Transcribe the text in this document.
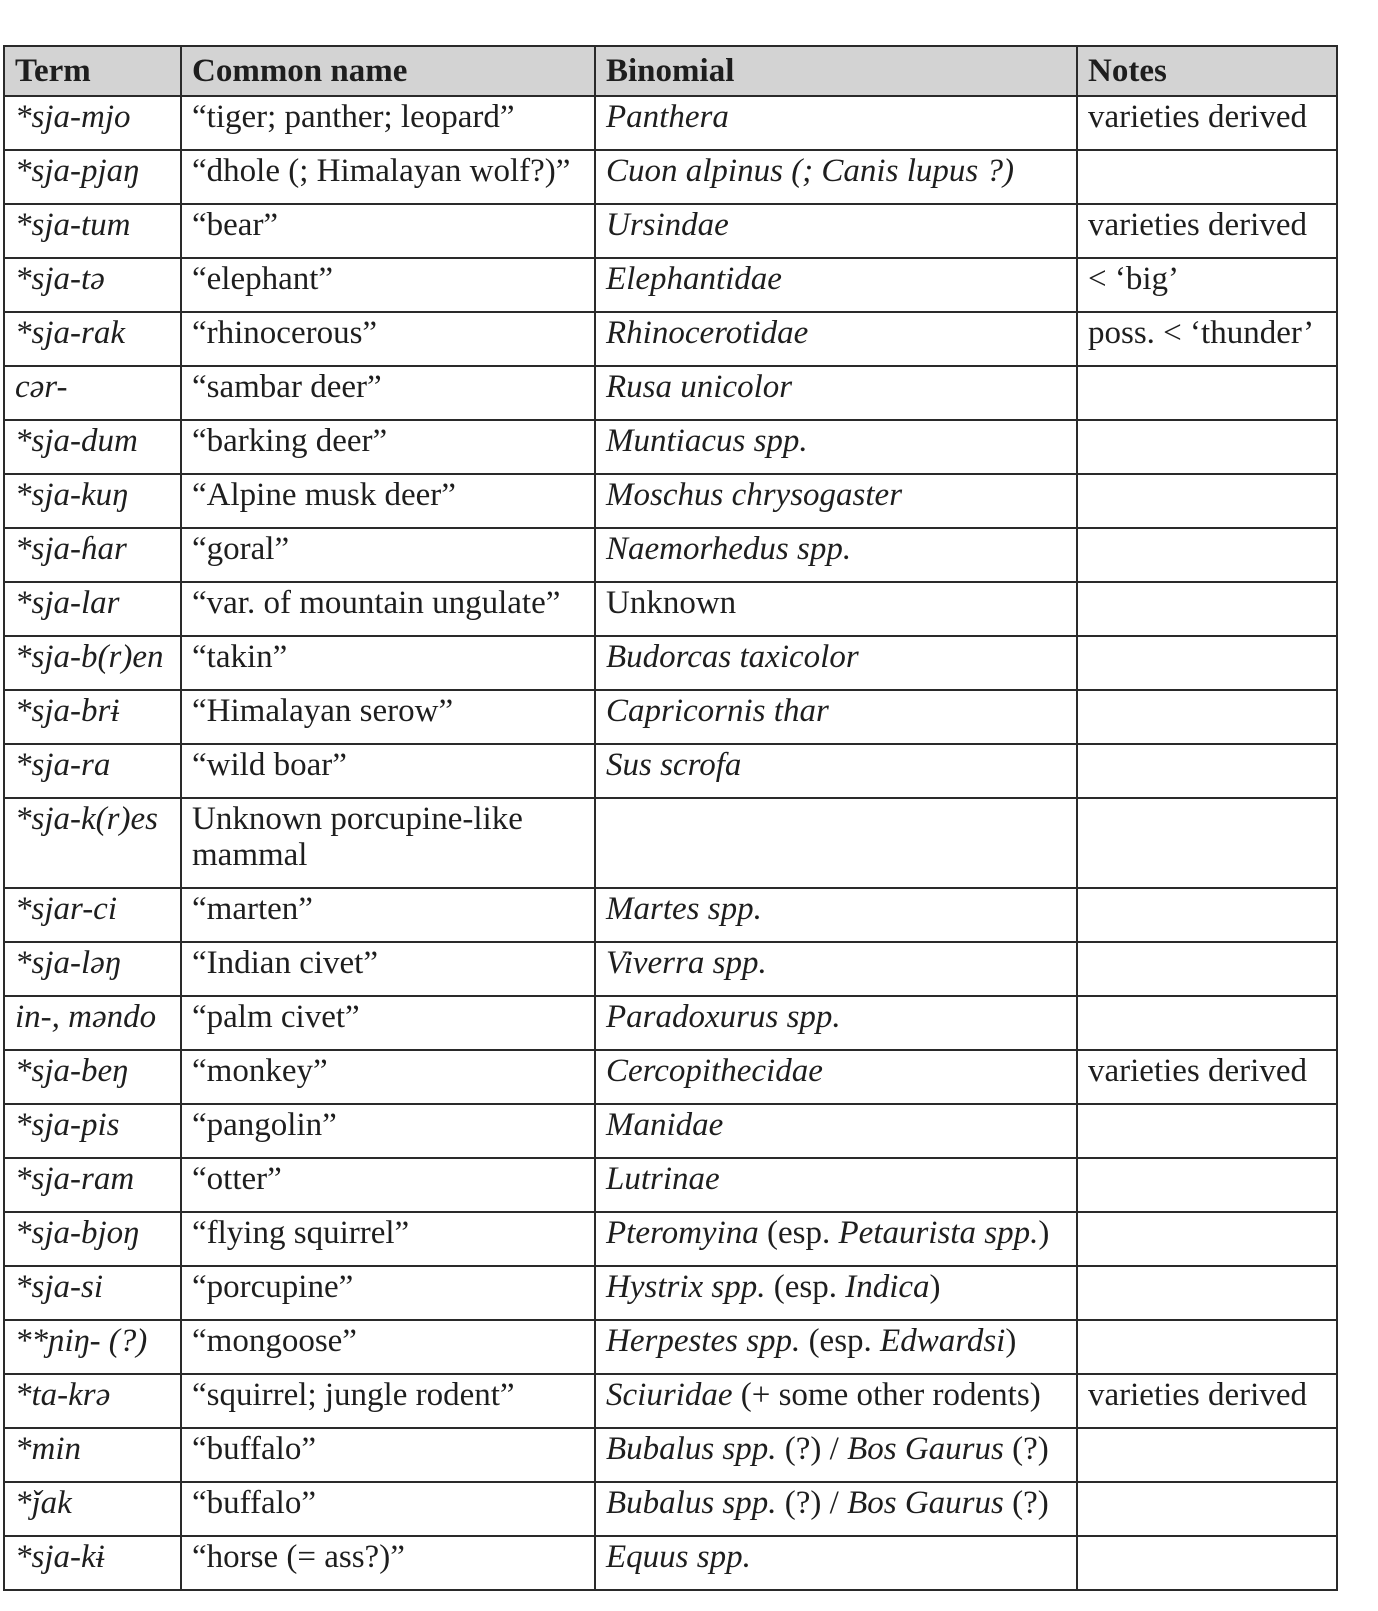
Term	Common name	Binomial	Notes
*sja-mjo	“tiger; panther; leopard”	Panthera	varieties derived
*sja-pjaŋ	“dhole (; Himalayan wolf?)”	Cuon alpinus (; Canis lupus ?)	
*sja-tum	“bear”	Ursindae	varieties derived
*sja-tə	“elephant”	Elephantidae	< ‘big’
*sja-rak	“rhinocerous”	Rhinocerotidae	poss. < ‘thunder’
cər-	“sambar deer”	Rusa unicolor	
*sja-dum	“barking deer”	Muntiacus spp.	
*sja-kuŋ	“Alpine musk deer”	Moschus chrysogaster	
*sja-ɦar	“goral”	Naemorhedus spp.	
*sja-lar	“var. of mountain ungulate”	Unknown	
*sja-b(r)en	“takin”	Budorcas taxicolor	
*sja-brɨ	“Himalayan serow”	Capricornis thar	
*sja-ra	“wild boar”	Sus scrofa	
*sja-k(r)es	Unknown porcupine-like mammal		
*sjar-ci	“marten”	Martes spp.	
*sja-ləŋ	“Indian civet”	Viverra spp.	
in-, məndo	“palm civet”	Paradoxurus spp.	
*sja-beŋ	“monkey”	Cercopithecidae	varieties derived
*sja-pis	“pangolin”	Manidae	
*sja-ram	“otter”	Lutrinae	
*sja-bjoŋ	“flying squirrel”	Pteromyina (esp. Petaurista spp.)	
*sja-si	“porcupine”	Hystrix spp. (esp. Indica)	
**ɲiŋ- (?)	“mongoose”	Herpestes spp. (esp. Edwardsi)	
*ta-krə	“squirrel; jungle rodent”	Sciuridae (+ some other rodents)	varieties derived
*min	“buffalo”	Bubalus spp. (?) / Bos Gaurus (?)	
*ǰak	“buffalo”	Bubalus spp. (?) / Bos Gaurus (?)	
*sja-kɨ	“horse (= ass?)”	Equus spp.	
